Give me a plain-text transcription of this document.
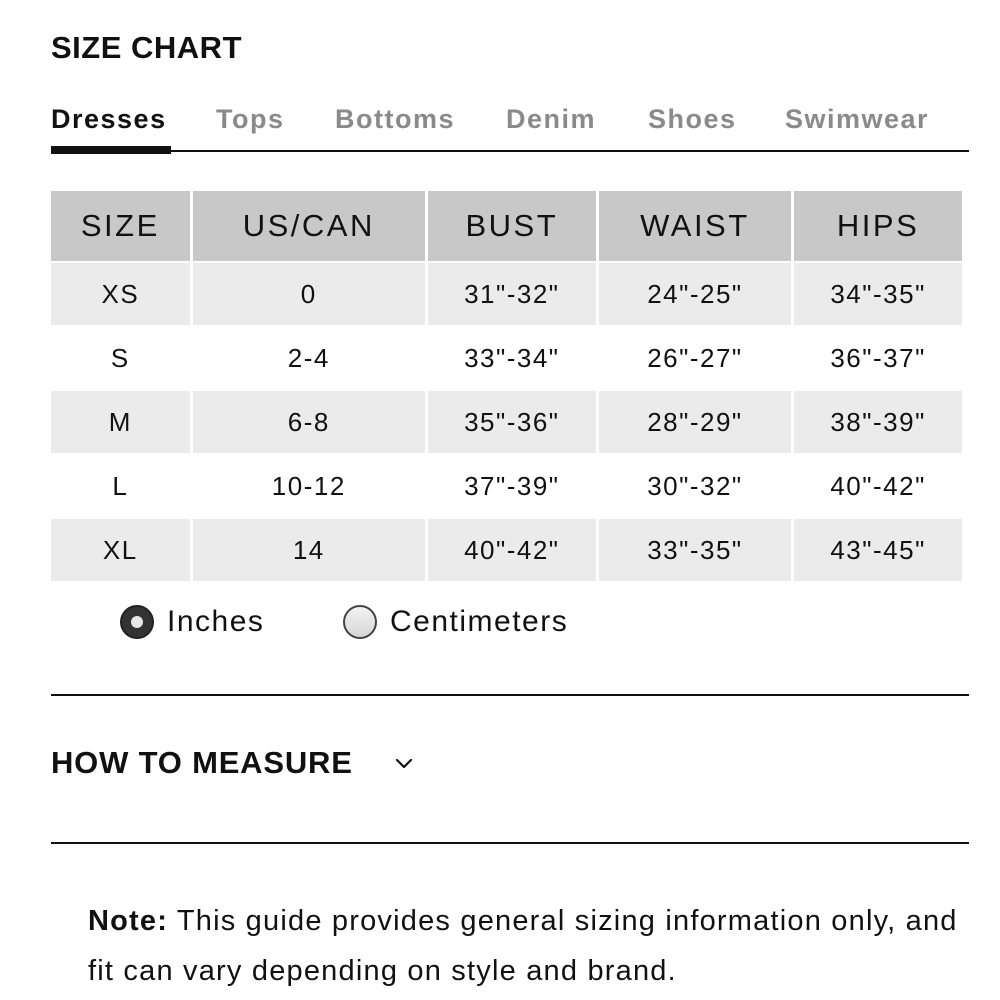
SIZE CHART
Dresses Tops Bottoms Denim Shoes Swimwear
SIZE	US/CAN	BUST	WAIST	HIPS
XS	0	31"-32"	24"-25"	34"-35"
S	2-4	33"-34"	26"-27"	36"-37"
M	6-8	35"-36"	28"-29"	38"-39"
L	10-12	37"-39"	30"-32"	40"-42"
XL	14	40"-42"	33"-35"	43"-45"
Inches	Centimeters
HOW TO MEASURE

Note: This guide provides general sizing information only, and fit can vary depending on style and brand.
